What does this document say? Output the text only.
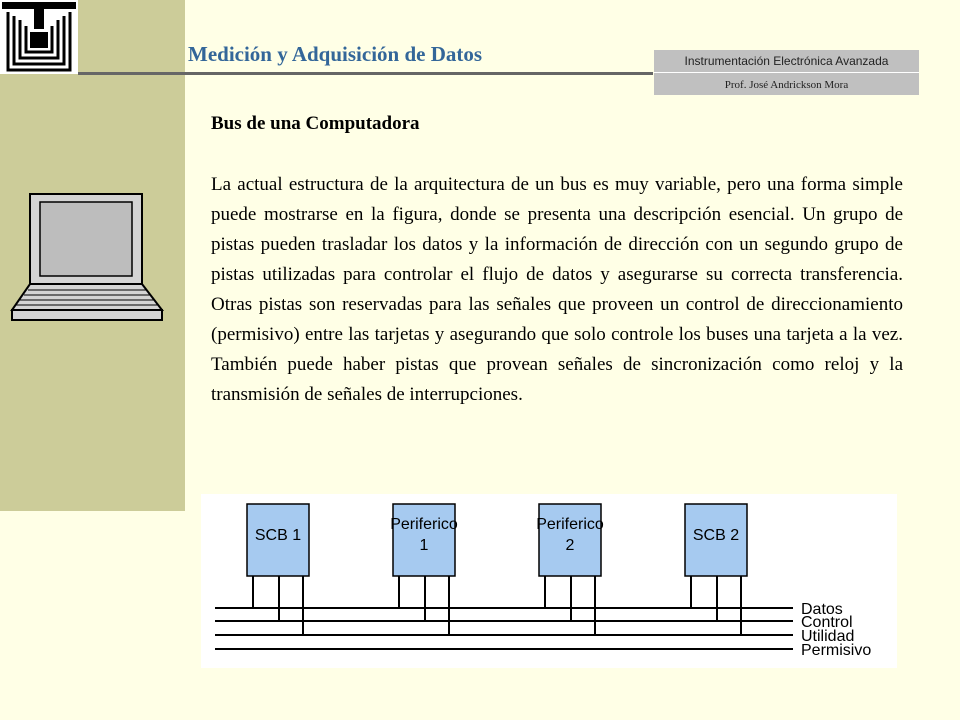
Medición y Adquisición de Datos	Instrumentación Electrónica Avanzada
Prof. José Andrickson Mora
Bus de una Computadora

La actual estructura de la arquitectura de un bus es muy variable, pero una forma simple puede mostrarse en la figura, donde se presenta una descripción esencial. Un grupo de pistas pueden trasladar los datos y la información de dirección con un segundo grupo de pistas utilizadas para controlar el flujo de datos y asegurarse su correcta transferencia. Otras pistas son reservadas para las señales que proveen un control de direccionamiento (permisivo) entre las tarjetas y asegurando que solo controle los buses una tarjeta a la vez. También puede haber pistas que provean señales de sincronización como reloj y la transmisión de señales de interrupciones.

Datos
Control
Utilidad
Permisivo
SCB 1
Periferico
1
Periferico
2
SCB 2
